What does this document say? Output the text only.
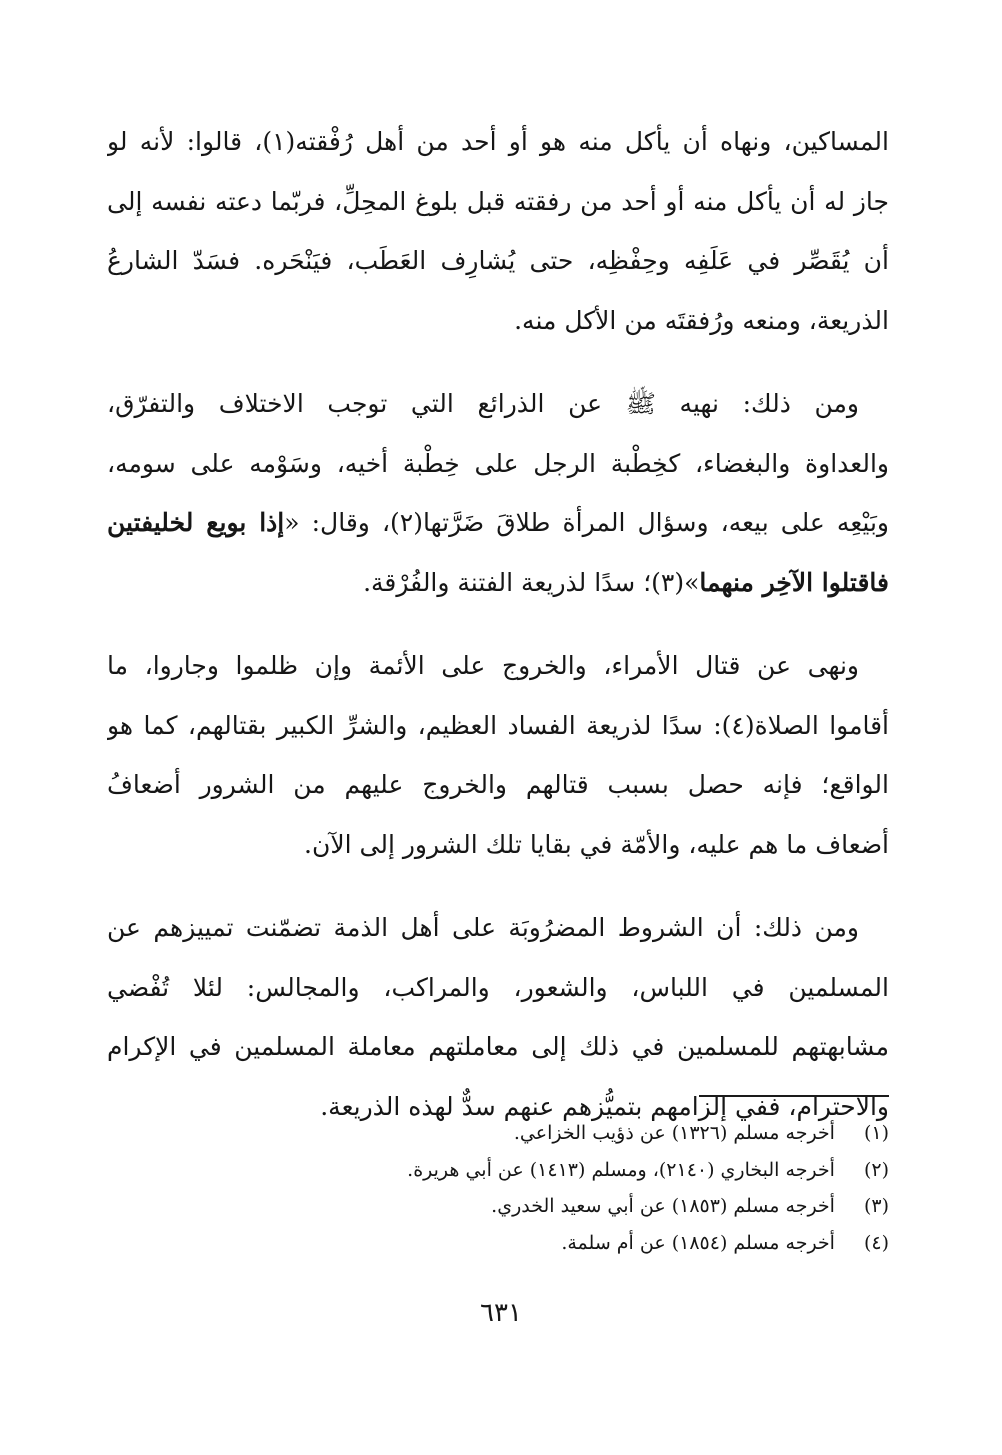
المساكين، ونهاه أن يأكل منه هو أو أحد من أهل رُفْقته(١)، قالوا: لأنه لو
جاز له أن يأكل منه أو أحد من رفقته قبل بلوغ المحِلِّ، فربّما دعته نفسه إلى
أن يُقَصِّر في عَلَفِه وحِفْظِه، حتى يُشارِف العَطَب، فيَنْحَره. فسَدّ الشارعُ
الذريعة، ومنعه ورُفقتَه من الأكل منه.

ومن ذلك: نهيه ﷺ عن الذرائع التي توجب الاختلاف والتفرّق،
والعداوة والبغضاء، كخِطْبة الرجل على خِطْبة أخيه، وسَوْمه على سومه،
وبَيْعِه على بيعه، وسؤال المرأة طلاقَ ضَرَّتها(٢)، وقال: «إذا بويع لخليفتين
فاقتلوا الآخِر منهما»(٣)؛ سدًا لذريعة الفتنة والفُرْقة.

ونهى عن قتال الأمراء، والخروج على الأئمة وإن ظلموا وجاروا، ما
أقاموا الصلاة(٤): سدًا لذريعة الفساد العظيم، والشرِّ الكبير بقتالهم، كما هو
الواقع؛ فإنه حصل بسبب قتالهم والخروج عليهم من الشرور أضعافُ
أضعاف ما هم عليه، والأمّة في بقايا تلك الشرور إلى الآن.

ومن ذلك: أن الشروط المضرُوبَة على أهل الذمة تضمّنت تمييزهم عن
المسلمين في اللباس، والشعور، والمراكب، والمجالس: لئلا تُفْضي
مشابهتهم للمسلمين في ذلك إلى معاملتهم معاملة المسلمين في الإكرام
والاحترام، ففي إلزامهم بتميُّزهم عنهم سدٌّ لهذه الذريعة.

(١) أخرجه مسلم (١٣٢٦) عن ذؤيب الخزاعي.
(٢) أخرجه البخاري (٢١٤٠)، ومسلم (١٤١٣) عن أبي هريرة.
(٣) أخرجه مسلم (١٨٥٣) عن أبي سعيد الخدري.
(٤) أخرجه مسلم (١٨٥٤) عن أم سلمة.
٦٣١
